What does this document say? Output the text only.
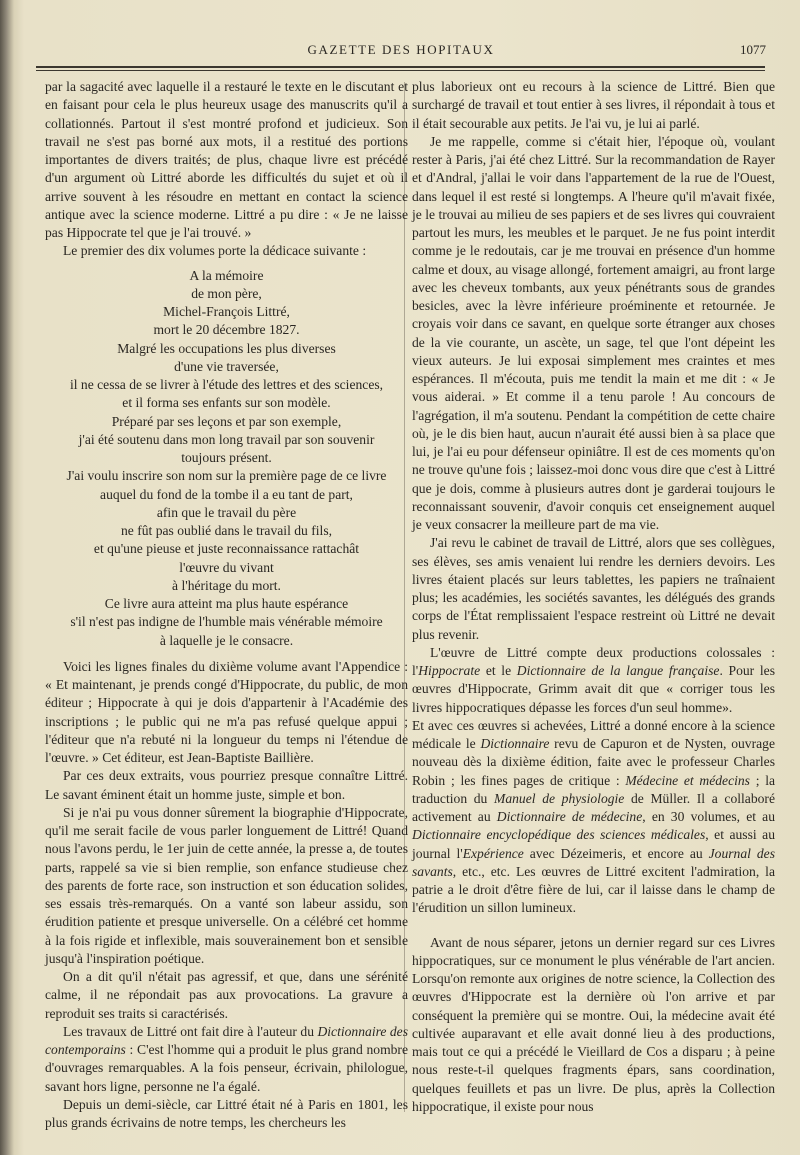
GAZETTE DES HOPITAUX	1077

par la sagacité avec laquelle il a restauré le texte en le discutant et en faisant pour cela le plus heureux usage des manuscrits qu'il a collationnés. Partout il s'est montré profond et judicieux. Son travail ne s'est pas borné aux mots, il a restitué des portions importantes de divers traités; de plus, chaque livre est précédé d'un argument où Littré aborde les difficultés du sujet et où il arrive souvent à les résoudre en mettant en contact la science antique avec la science moderne. Littré a pu dire : « Je ne laisse pas Hippocrate tel que je l'ai trouvé. »

Le premier des dix volumes porte la dédicace suivante :

A la mémoire

de mon père,

Michel-François Littré,

mort le 20 décembre 1827.

Malgré les occupations les plus diverses

d'une vie traversée,

il ne cessa de se livrer à l'étude des lettres et des sciences,

et il forma ses enfants sur son modèle.

Préparé par ses leçons et par son exemple,

j'ai été soutenu dans mon long travail par son souvenir

toujours présent.

J'ai voulu inscrire son nom sur la première page de ce livre

auquel du fond de la tombe il a eu tant de part,

afin que le travail du père

ne fût pas oublié dans le travail du fils,

et qu'une pieuse et juste reconnaissance rattachât

l'œuvre du vivant

à l'héritage du mort.

Ce livre aura atteint ma plus haute espérance

s'il n'est pas indigne de l'humble mais vénérable mémoire

à laquelle je le consacre.

Voici les lignes finales du dixième volume avant l'Appendice : « Et maintenant, je prends congé d'Hippocrate, du public, de mon éditeur ; Hippocrate à qui je dois d'appartenir à l'Académie des inscriptions ; le public qui ne m'a pas refusé quelque appui ; l'éditeur que n'a rebuté ni la longueur du temps ni l'étendue de l'œuvre. » Cet éditeur, est Jean-Baptiste Baillière.

Par ces deux extraits, vous pourriez presque connaître Littré. Le savant éminent était un homme juste, simple et bon.

Si je n'ai pu vous donner sûrement la biographie d'Hippocrate, qu'il me serait facile de vous parler longuement de Littré! Quand nous l'avons perdu, le 1er juin de cette année, la presse a, de toutes parts, rappelé sa vie si bien remplie, son enfance studieuse chez des parents de forte race, son instruction et son éducation solides, ses essais très-remarqués. On a vanté son labeur assidu, son érudition patiente et presque universelle. On a célébré cet homme à la fois rigide et inflexible, mais souverainement bon et sensible jusqu'à l'inspiration poétique.

On a dit qu'il n'était pas agressif, et que, dans une sérénité calme, il ne répondait pas aux provocations. La gravure a reproduit ses traits si caractérisés.

Les travaux de Littré ont fait dire à l'auteur du Dictionnaire des contemporains : C'est l'homme qui a produit le plus grand nombre d'ouvrages remarquables. A la fois penseur, écrivain, philologue, savant hors ligne, personne ne l'a égalé.

Depuis un demi-siècle, car Littré était né à Paris en 1801, les plus grands écrivains de notre temps, les chercheurs les

plus laborieux ont eu recours à la science de Littré. Bien que surchargé de travail et tout entier à ses livres, il répondait à tous et il était secourable aux petits. Je l'ai vu, je lui ai parlé.

Je me rappelle, comme si c'était hier, l'époque où, voulant rester à Paris, j'ai été chez Littré. Sur la recommandation de Rayer et d'Andral, j'allai le voir dans l'appartement de la rue de l'Ouest, dans lequel il est resté si longtemps. A l'heure qu'il m'avait fixée, je le trouvai au milieu de ses papiers et de ses livres qui couvraient partout les murs, les meubles et le parquet. Je ne fus point interdit comme je le redoutais, car je me trouvai en présence d'un homme calme et doux, au visage allongé, fortement amaigri, au front large avec les cheveux tombants, aux yeux pénétrants sous de grandes besicles, avec la lèvre inférieure proéminente et retournée. Je croyais voir dans ce savant, en quelque sorte étranger aux choses de la vie courante, un ascète, un sage, tel que l'ont dépeint les vieux auteurs. Je lui exposai simplement mes craintes et mes espérances. Il m'écouta, puis me tendit la main et me dit : « Je vous aiderai. » Et comme il a tenu parole ! Au concours de l'agrégation, il m'a soutenu. Pendant la compétition de cette chaire où, je le dis bien haut, aucun n'aurait été aussi bien à sa place que lui, je l'ai eu pour défenseur opiniâtre. Il est de ces moments qu'on ne trouve qu'une fois ; laissez-moi donc vous dire que c'est à Littré que je dois, comme à plusieurs autres dont je garderai toujours le reconnaissant souvenir, d'avoir conquis cet enseignement auquel je veux consacrer la meilleure part de ma vie.

J'ai revu le cabinet de travail de Littré, alors que ses collègues, ses élèves, ses amis venaient lui rendre les derniers devoirs. Les livres étaient placés sur leurs tablettes, les papiers ne traînaient plus; les académies, les sociétés savantes, les délégués des grands corps de l'État remplissaient l'espace restreint où Littré ne devait plus revenir.

L'œuvre de Littré compte deux productions colossales : l'Hippocrate et le Dictionnaire de la langue française. Pour les œuvres d'Hippocrate, Grimm avait dit que « corriger tous les livres hippocratiques dépasse les forces d'un seul homme».

Et avec ces œuvres si achevées, Littré a donné encore à la science médicale le Dictionnaire revu de Capuron et de Nysten, ouvrage nouveau dès la dixième édition, faite avec le professeur Charles Robin ; les fines pages de critique : Médecine et médecins ; la traduction du Manuel de physiologie de Müller. Il a collaboré activement au Dictionnaire de médecine, en 30 volumes, et au Dictionnaire encyclopédique des sciences médicales, et aussi au journal l'Expérience avec Dézeimeris, et encore au Journal des savants, etc., etc. Les œuvres de Littré excitent l'admiration, la patrie a le droit d'être fière de lui, car il laisse dans le champ de l'érudition un sillon lumineux.

Avant de nous séparer, jetons un dernier regard sur ces Livres hippocratiques, sur ce monument le plus vénérable de l'art ancien. Lorsqu'on remonte aux origines de notre science, la Collection des œuvres d'Hippocrate est la dernière où l'on arrive et par conséquent la première qui se montre. Oui, la médecine avait été cultivée auparavant et elle avait donné lieu à des productions, mais tout ce qui a précédé le Vieillard de Cos a disparu ; à peine nous reste-t-il quelques fragments épars, sans coordination, quelques feuillets et pas un livre. De plus, après la Collection hippocratique, il existe pour nous
